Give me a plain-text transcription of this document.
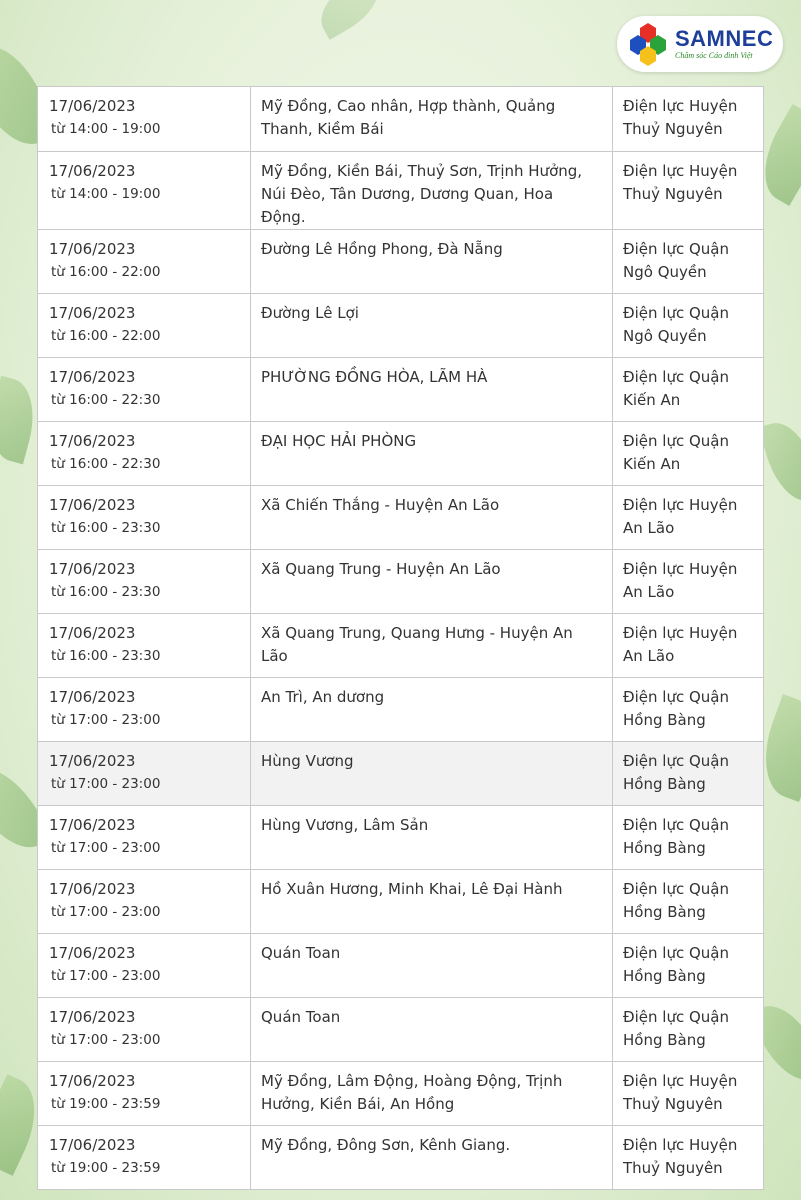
SAMNEC
Chăm sóc Cáo đình Việt
17/06/2023
từ 14:00 - 19:00	Mỹ Đồng, Cao nhân, Hợp thành, Quảng Thanh, Kiềm Bái	Điện lực Huyện Thuỷ Nguyên

17/06/2023
từ 14:00 - 19:00	Mỹ Đồng, Kiền Bái, Thuỷ Sơn, Trịnh Hưởng, Núi Đèo, Tân Dương, Dương Quan, Hoa Động.	Điện lực Huyện Thuỷ Nguyên

17/06/2023
từ 16:00 - 22:00	Đường Lê Hồng Phong, Đà Nẵng	Điện lực Quận Ngô Quyền

17/06/2023
từ 16:00 - 22:00	Đường Lê Lợi	Điện lực Quận Ngô Quyền

17/06/2023
từ 16:00 - 22:30	PHƯỜNG ĐỒNG HÒA, LÃM HÀ	Điện lực Quận Kiến An

17/06/2023
từ 16:00 - 22:30	ĐẠI HỌC HẢI PHÒNG	Điện lực Quận Kiến An

17/06/2023
từ 16:00 - 23:30	Xã Chiến Thắng - Huyện An Lão	Điện lực Huyện An Lão

17/06/2023
từ 16:00 - 23:30	Xã Quang Trung - Huyện An Lão	Điện lực Huyện An Lão

17/06/2023
từ 16:00 - 23:30	Xã Quang Trung, Quang Hưng - Huyện An Lão	Điện lực Huyện An Lão

17/06/2023
từ 17:00 - 23:00	An Trì, An dương	Điện lực Quận Hồng Bàng

17/06/2023
từ 17:00 - 23:00	Hùng Vương	Điện lực Quận Hồng Bàng

17/06/2023
từ 17:00 - 23:00	Hùng Vương, Lâm Sản	Điện lực Quận Hồng Bàng

17/06/2023
từ 17:00 - 23:00	Hồ Xuân Hương, Minh Khai, Lê Đại Hành	Điện lực Quận Hồng Bàng

17/06/2023
từ 17:00 - 23:00	Quán Toan	Điện lực Quận Hồng Bàng

17/06/2023
từ 17:00 - 23:00	Quán Toan	Điện lực Quận Hồng Bàng

17/06/2023
từ 19:00 - 23:59	Mỹ Đồng, Lâm Động, Hoàng Động, Trịnh Hưởng, Kiền Bái, An Hồng	Điện lực Huyện Thuỷ Nguyên

17/06/2023
từ 19:00 - 23:59	Mỹ Đồng, Đông Sơn, Kênh Giang.	Điện lực Huyện Thuỷ Nguyên
